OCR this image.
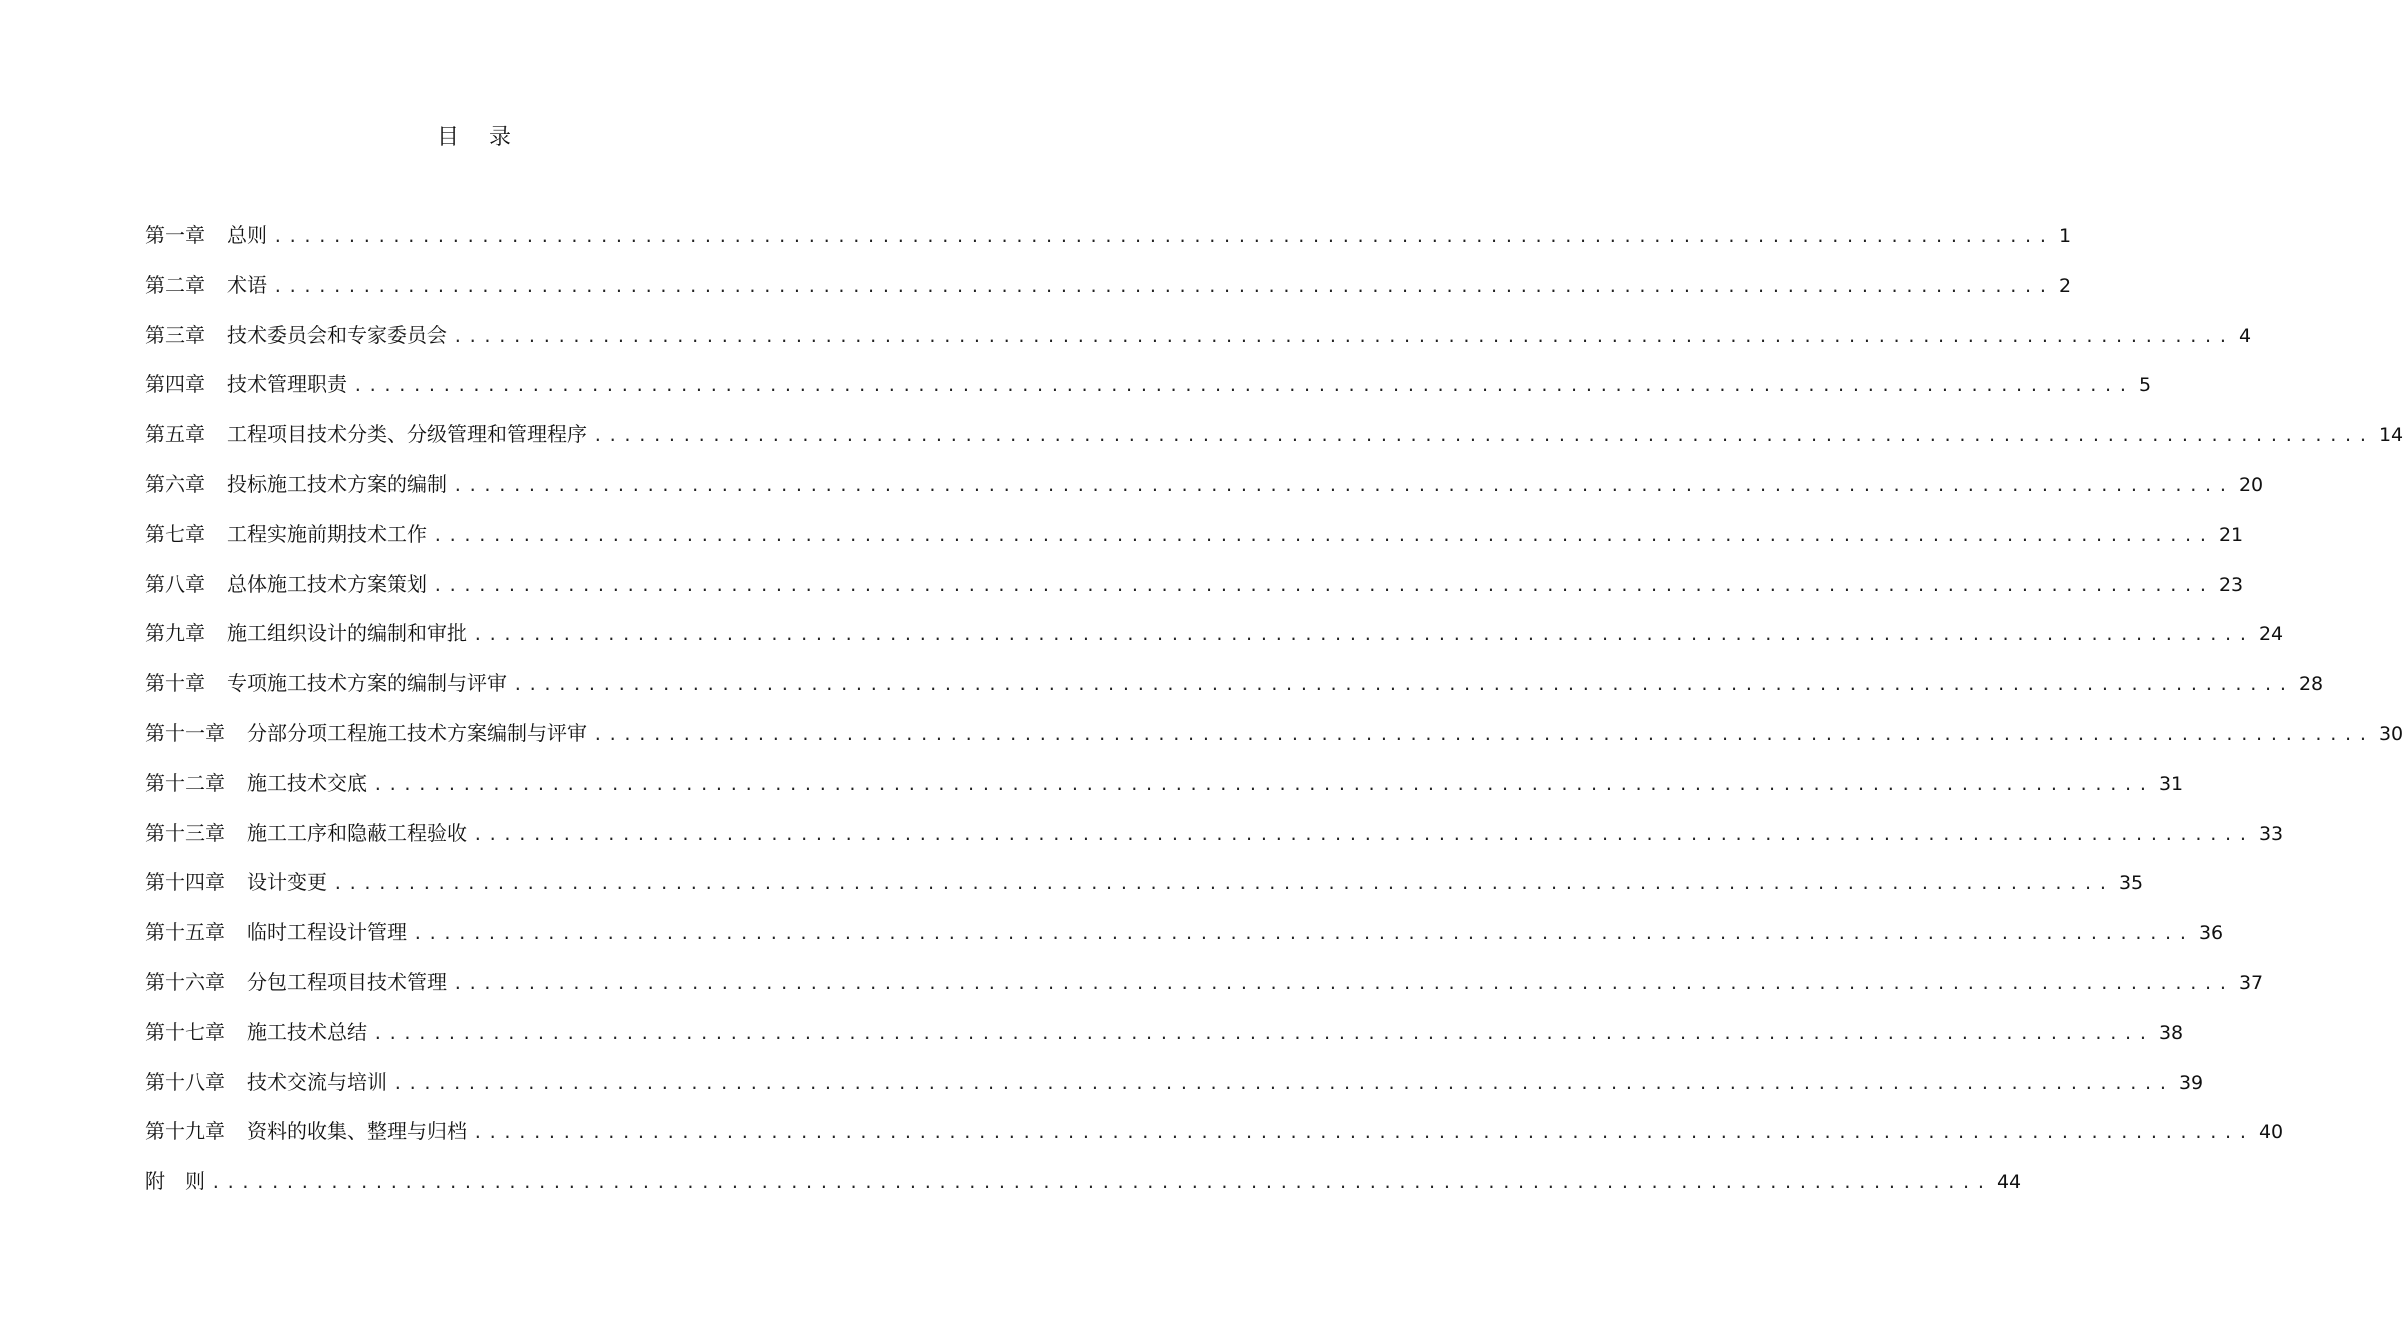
目 录
第一章 总则 ........................................................................................................................ 1
第二章 术语 ........................................................................................................................ 2
第三章 技术委员会和专家委员会 ........................................................................................................................ 4
第四章 技术管理职责 ........................................................................................................................ 5
第五章 工程项目技术分类、分级管理和管理程序 ........................................................................................................................ 14
第六章 投标施工技术方案的编制 ........................................................................................................................ 20
第七章 工程实施前期技术工作 ........................................................................................................................ 21
第八章 总体施工技术方案策划 ........................................................................................................................ 23
第九章 施工组织设计的编制和审批 ........................................................................................................................ 24
第十章 专项施工技术方案的编制与评审 ........................................................................................................................ 28
第十一章 分部分项工程施工技术方案编制与评审 ........................................................................................................................ 30
第十二章 施工技术交底 ........................................................................................................................ 31
第十三章 施工工序和隐蔽工程验收 ........................................................................................................................ 33
第十四章 设计变更 ........................................................................................................................ 35
第十五章 临时工程设计管理 ........................................................................................................................ 36
第十六章 分包工程项目技术管理 ........................................................................................................................ 37
第十七章 施工技术总结 ........................................................................................................................ 38
第十八章 技术交流与培训 ........................................................................................................................ 39
第十九章 资料的收集、整理与归档 ........................................................................................................................ 40
附　则 ........................................................................................................................ 44
